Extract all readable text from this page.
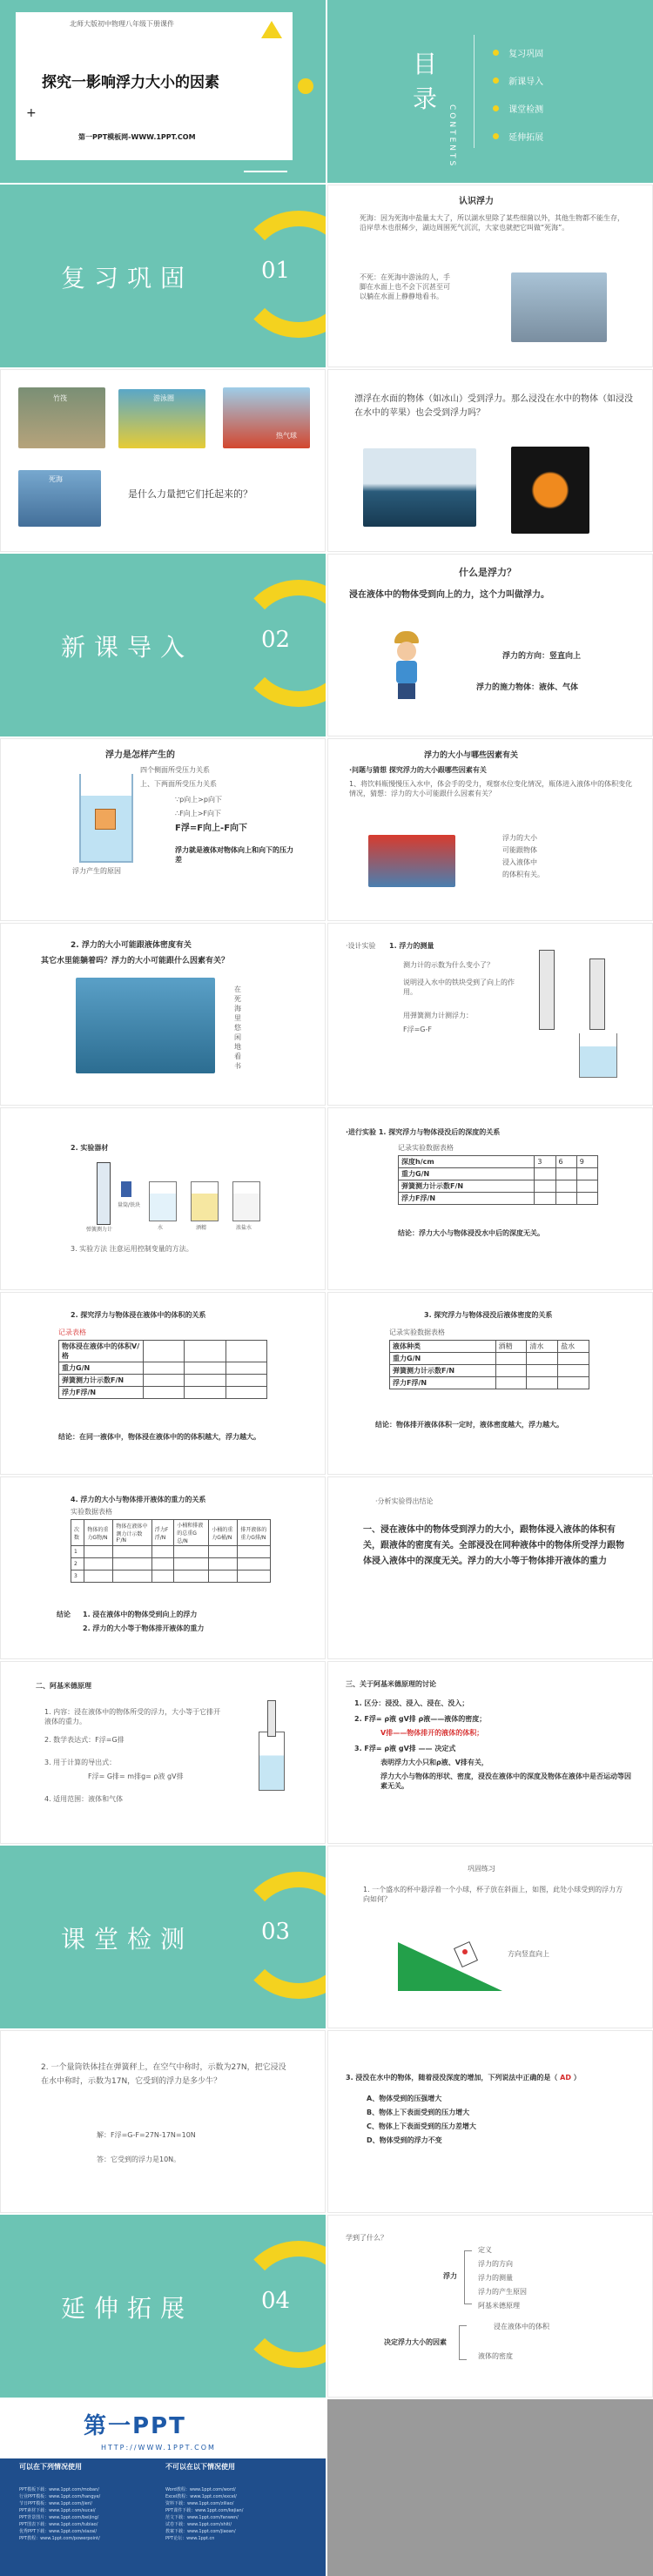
北师大版初中物理八年级下册课件
探究一影响浮力大小的因素
第一PPT模板网-WWW.1PPT.COM
+
目录
CONTENTS
复习巩固
新课导入
课堂检测
延伸拓展
复习巩固	01
认识浮力
死海：因为死海中盐量太大了，所以湖水里除了某些细菌以外，其他生物都不能生存，沿岸草木也很稀少，湖边周围死气沉沉，大家也就把它叫做“死海”。
不死：在死海中游泳的人，手脚在水面上也不会下沉甚至可以躺在水面上静静地看书。
竹筏	游泳圈
热气球
死海
是什么力量把它们托起来的？
漂浮在水面的物体（如冰山）受到浮力。那么浸没在水中的物体（如浸没在水中的苹果）也会受到浮力吗？
新课导入	02
什么是浮力？
浸在液体中的物体受到向上的力，这个力叫做浮力。
浮力的方向：竖直向上
浮力的施力物体：液体、气体
浮力是怎样产生的
四个侧面所受压力关系
上、下两面所受压力关系
∵p向上>p向下
∴F向上>F向下
F浮=F向上-F向下
浮力产生的原因
浮力就是液体对物体向上和向下的压力差
浮力的大小与哪些因素有关
·问题与猜想 探究浮力的大小跟哪些因素有关
1、将饮料瓶慢慢压入水中，体会手的受力，观察水位变化情况，瓶体进入液体中的体积变化情况，猜想：浮力的大小可能跟什么因素有关？
浮力的大小
可能跟物体
浸入液体中
的体积有关。
2. 浮力的大小可能跟液体密度有关
其它水里能躺着吗？浮力的大小可能跟什么因素有关？
在死海里悠闲地看书
·设计实验 1. 浮力的测量
测力计的示数为什么变小了？
说明浸入水中的铁块受到了向上的作用。
用弹簧测力计测浮力：
F浮=G-F
2. 实验器材
弹簧测力计
量筒/铁块
水	酒精	浓盐水
3. 实验方法 注意运用控制变量的方法。
·进行实验 1. 探究浮力与物体浸没后的深度的关系
记录实验数据表格
深度h/cm	3	6	9
重力G/N			
弹簧测力计示数F/N			
浮力F浮/N			
结论：浮力大小与物体浸没水中后的深度无关。
2. 探究浮力与物体浸在液体中的体积的关系
记录表格
物体浸在液体中的体积V/格			
重力G/N			
弹簧测力计示数F/N			
浮力F浮/N			
结论：在同一液体中，物体浸在液体中的的体积越大，浮力越大。
3. 探究浮力与物体浸没后液体密度的关系
记录实验数据表格
液体种类	酒精	清水	盐水
重力G/N			
弹簧测力计示数F/N			
浮力F浮/N			
结论：物体排开液体体积一定时，液体密度越大，浮力越大。
4. 浮力的大小与物体排开液体的重力的关系
实验数据表格
次数	物体的重力G物/N	物体在液体中测力计示数F'/N	浮力F浮/N	小桶和排液的总重G总/N	小桶的重力G桶/N	排开液体的重力G排/N
1						
2						
3						
结论 1. 浸在液体中的物体受到向上的浮力
2. 浮力的大小等于物体排开液体的重力
·分析实验得出结论
一、浸在液体中的物体受到浮力的大小，跟物体浸入液体的体积有关，跟液体的密度有关。全部浸没在同种液体中的物体所受浮力跟物体浸入液体中的深度无关。浮力的大小等于物体排开液体的重力
二、阿基米德原理
1. 内容：浸在液体中的物体所受的浮力，大小等于它排开液体的重力。
2. 数学表达式：F浮=G排
3. 用于计算的导出式：
F浮= G排= m排g= ρ液 gV排
4. 适用范围：液体和气体
三、关于阿基米德原理的讨论
1. 区分：浸没、浸入、浸在、没入；
2. F浮= ρ液 gV排 ρ液——液体的密度；
V排——物体排开的液体的体积；
3. F浮= ρ液 gV排 —— 决定式
表明浮力大小只和ρ液、V排有关，
浮力大小与物体的形状、密度，浸没在液体中的深度及物体在液体中是否运动等因素无关。
课堂检测	03
巩固练习
1. 一个盛水的杯中悬浮着一个小球，杯子放在斜面上，如图，此处小球受到的浮力方向如何？
方向竖直向上
2. 一个量筒铁体挂在弹簧秤上，在空气中称时，示数为27N，把它浸没在水中称时，示数为17N，它受到的浮力是多少牛？
解：F浮=G-F=27N-17N=10N
答：它受到的浮力是10N。
3. 浸没在水中的物体，随着浸没深度的增加，下列说法中正确的是（ AD ）
A、物体受到的压强增大
B、物体上下表面受到的压力增大
C、物体上下表面受到的压力差增大
D、物体受到的浮力不变
延伸拓展	04
学到了什么？
浮力
定义
浮力的方向
浮力的测量
浮力的产生原因
阿基米德原理
决定浮力大小的因素
浸在液体中的体积
液体的密度
第一PPT
HTTP://WWW.1PPT.COM
可以在下列情况使用	不可以在以下情况使用
PPT模板下载：www.1ppt.com/moban/
行业PPT模板：www.1ppt.com/hangye/
节日PPT模板：www.1ppt.com/jieri/
PPT素材下载：www.1ppt.com/sucai/
PPT背景图片：www.1ppt.com/beijing/
PPT图表下载：www.1ppt.com/tubiao/
优秀PPT下载：www.1ppt.com/xiazai/
PPT教程：www.1ppt.com/powerpoint/
Word教程：www.1ppt.com/word/
Excel教程：www.1ppt.com/excel/
资料下载：www.1ppt.com/ziliao/
PPT课件下载：www.1ppt.com/kejian/
范文下载：www.1ppt.com/fanwen/
试卷下载：www.1ppt.com/shiti/
教案下载：www.1ppt.com/jiaoan/
PPT论坛：www.1ppt.cn
